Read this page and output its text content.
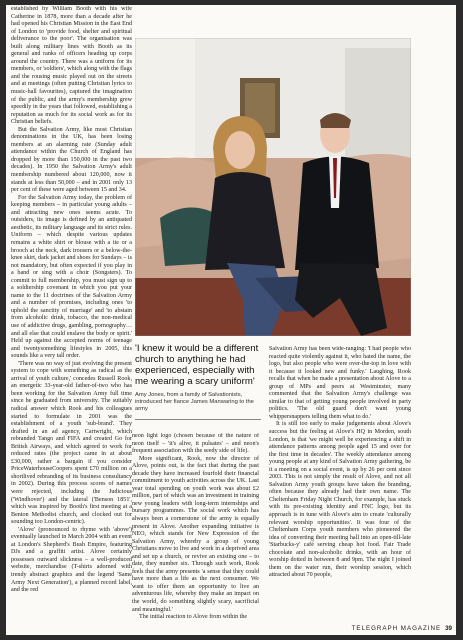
established by William Booth with his wife Catherine in 1878, more than a decade after he had opened his Christian Mission in the East End of London to 'provide food, shelter and spiritual deliverance to the poor'. The organisation was built along military lines with Booth as its general and ranks of officers heading up corps around the country. There was a uniform for its members, or 'soldiers', which along with the flags and the rousing music played out on the streets and at meetings (often putting Christian lyrics to music-hall favourites), captured the imagination of the public, and the army's membership grew speedily in the years that followed, establishing a reputation as much for its social work as for its Christian beliefs.

But the Salvation Army, like most Christian denominations in the UK, has been losing members at an alarming rate (Sunday adult attendance within the Church of England has dropped by more than 150,000 in the past two decades). In 1950 the Salvation Army's adult membership numbered about 120,000, now it stands at less than 50,000 – and in 2001 only 13 per cent of these were aged between 15 and 34.

For the Salvation Army today, the problem of keeping members – in particular young adults – and attracting new ones seems acute. To outsiders, its image is defined by an antiquated aesthetic, its military language and its strict rules. Uniform – which despite various updates remains a white shirt or blouse with a tie or a brooch at the neck, dark trousers or a below-the-knee skirt, dark jacket and shoes for Sundays – is not mandatory, but often expected if you play in a band or sing with a choir (Songsters). To commit to full membership, you must sign up to a soldiership covenant in which you put your name to the 11 doctrines of the Salvation Army and a number of promises, including ones 'to uphold the sanctity of marriage' and 'to abstain from alcoholic drink, tobacco, the non-medical use of addictive drugs, gambling, pornography… and all else that could enslave the body or spirit.' Held up against the accepted norms of teenage and twentysomething lifestyles in 2005, this sounds like a very tall order.

'There was no way of just evolving the present system to cope with something as radical as the arrival of youth culture,' concedes Russell Rook, an energetic 33-year-old father-of-two who has been working for the Salvation Army full time since he graduated from university. The suitably radical answer which Rook and his colleagues started to formulate in 2001 was the establishment of a youth 'sub-brand'. They drafted in an ad agency, Cartwright, which rebranded Tango and FIFA and created Go for British Airways, and which agreed to work for reduced rates (the project came in at about £30,000, rather a bargain if you consider PriceWaterhouseCoopers spent £70 million on a shortlived rebranding of its business consultancy in 2002). During this process scores of names were rejected, including the Judicious ('Windhover') and the lateral ('Benson 1851', which was inspired by Booth's first meeting at a Benton Methodist church, and clocked out for sounding too London-centric).

'Alove' (pronounced to rhyme with 'above') eventually launched in March 2004 with an event at London's Shepherd's Bush Empire, featuring DJs and a graffiti artist. Alove certainly possesses outward slickness – a well-produced website, merchandise (T-shirts adorned with trendy abstract graphics and the legend 'Same Army Next Generation'), a planned record label, and the red

'I knew it would be a different church to anything he had experienced, especially with me wearing a scary uniform'

Amy Jones, from a family of Salvationists, introduced her fiance James Manwaring to the army

neon light logo (chosen because of the nature of neon itself – 'it's alive, it pulsates' – and neon's frequent association with the seedy side of life).

More significant, Rook, now the director of Alove, points out, is the fact that during the past decade they have increased fourfold their financial commitment to youth activities across the UK. Last year total spending on youth work was about £2 million, part of which was an investment in training new young leaders with long-term internships and bursary programmes. The social work which has always been a cornerstone of the army is equally present in Alove. Another expanding initiative is NEO, which stands for New Expression of the Salvation Army, whereby a group of young Christians move to live and work in a deprived area and set up a church, or revive an existing one – to date, they number six. Through such work, Rook feels that the army presents 'a sense that they could have more than a life as the next consumer. We want to offer them an opportunity to live an adventurous life, whereby they make an impact on the world, do something slightly scary, sacrificial and meaningful.'

The initial reaction to Alove from within the

Salvation Army has been wide-ranging: 'I had people who reacted quite violently against it, who hated the name, the logo, but also people who were over-the-top in love with it because it looked new and funky.' Laughing, Rook recalls that when he made a presentation about Alove to a group of MPs and peers at Westminster, many commented that the Salvation Army's challenge was similar to that of getting young people involved in party politics. 'The old guard don't want young whippersnappers telling them what to do.'

It is still too early to make judgements about Alove's success but the feeling at Alove's HQ in Morden, south London, is that 'we might well be experiencing a shift in attendance patterns among people aged 15 and over for the first time in decades'. The weekly attendance among young people at any kind of Salvation Army gathering, be it a meeting on a social event, is up by 26 per cent since 2003. This is not simply the result of Alove, and not all Salvation Army youth groups have taken the branding, often because they already had their own name. The Cheltenham Friday Night Church, for example, has stuck with its pre-existing identity and FNC logo, but its approach is in tune with Alove's aim to create 'culturally relevant worship opportunities'. It was four of the Cheltenham Corps youth members who pioneered the idea of converting their meeting hall into an open-till-late 'Starbucks-y' café serving cheap hot food. Fair Trade chocolate and non-alcoholic drinks, with an hour of worship dotted in between 8 and 9pm. The night I joined them on the water run, their worship session, which attracted about 70 people,

TELEGRAPH MAGAZINE 39
